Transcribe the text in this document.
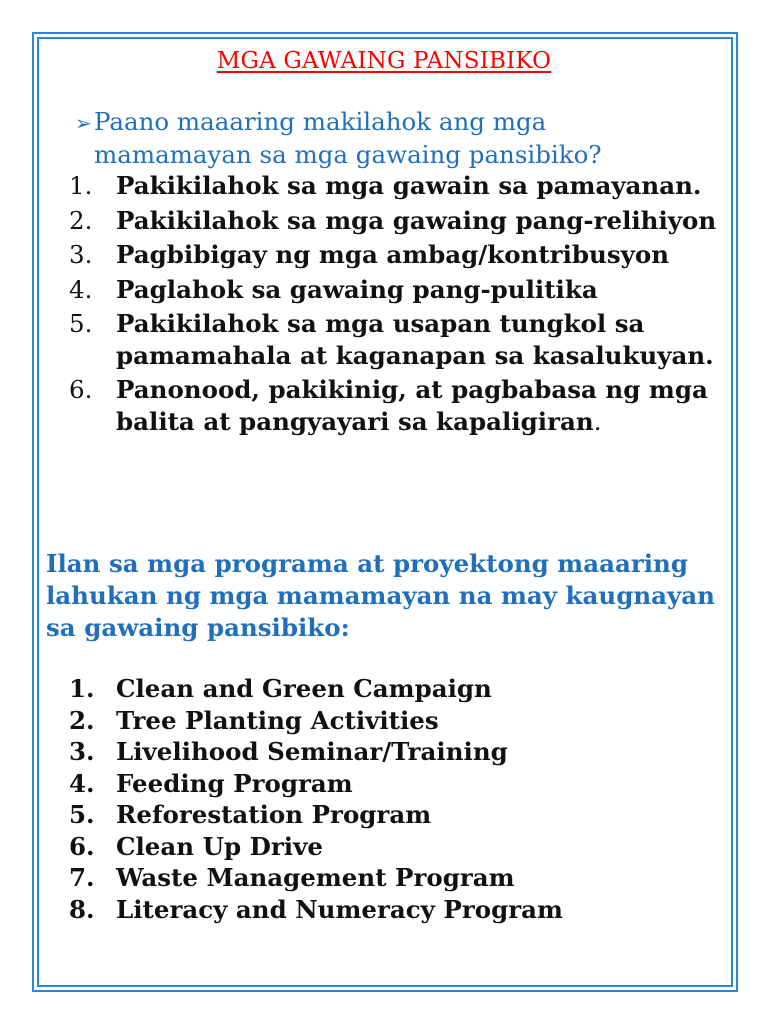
MGA GAWAING PANSIBIKO
➢Paano maaaring makilahok ang mga
mamamayan sa mga gawaing pansibiko?
1. Pakikilahok sa mga gawain sa pamayanan.
2. Pakikilahok sa mga gawaing pang-relihiyon
3. Pagbibigay ng mga ambag/kontribusyon
4. Paglahok sa gawaing pang-pulitika
5. Pakikilahok sa mga usapan tungkol sa pamamahala at kaganapan sa kasalukuyan.
6. Panonood, pakikinig, at pagbabasa ng mga balita at pangyayari sa kapaligiran.
Ilan sa mga programa at proyektong maaaring lahukan ng mga mamamayan na may kaugnayan sa gawaing pansibiko:
1. Clean and Green Campaign
2. Tree Planting Activities
3. Livelihood Seminar/Training
4. Feeding Program
5. Reforestation Program
6. Clean Up Drive
7. Waste Management Program
8. Literacy and Numeracy Program
